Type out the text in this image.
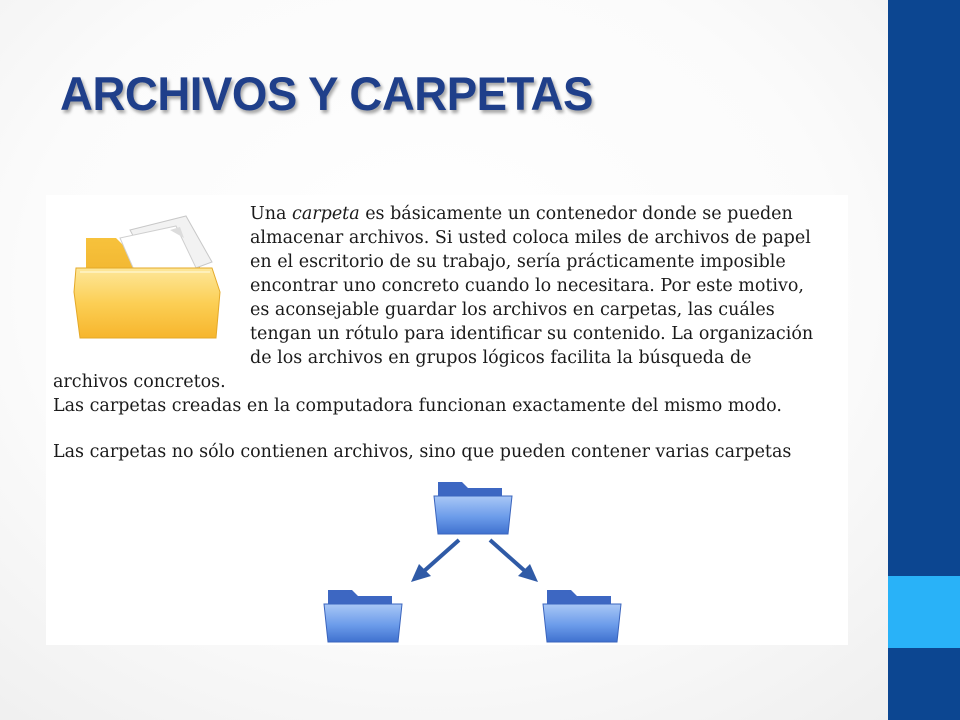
ARCHIVOS Y CARPETAS

Una carpeta es básicamente un contenedor donde se pueden

almacenar archivos. Si usted coloca miles de archivos de papel

en el escritorio de su trabajo, sería prácticamente imposible

encontrar uno concreto cuando lo necesitara. Por este motivo,

es aconsejable guardar los archivos en carpetas, las cuáles

tengan un rótulo para identificar su contenido. La organización

de los archivos en grupos lógicos facilita la búsqueda de

archivos concretos.

Las carpetas creadas en la computadora funcionan exactamente del mismo modo.

Las carpetas no sólo contienen archivos, sino que pueden contener varias carpetas
